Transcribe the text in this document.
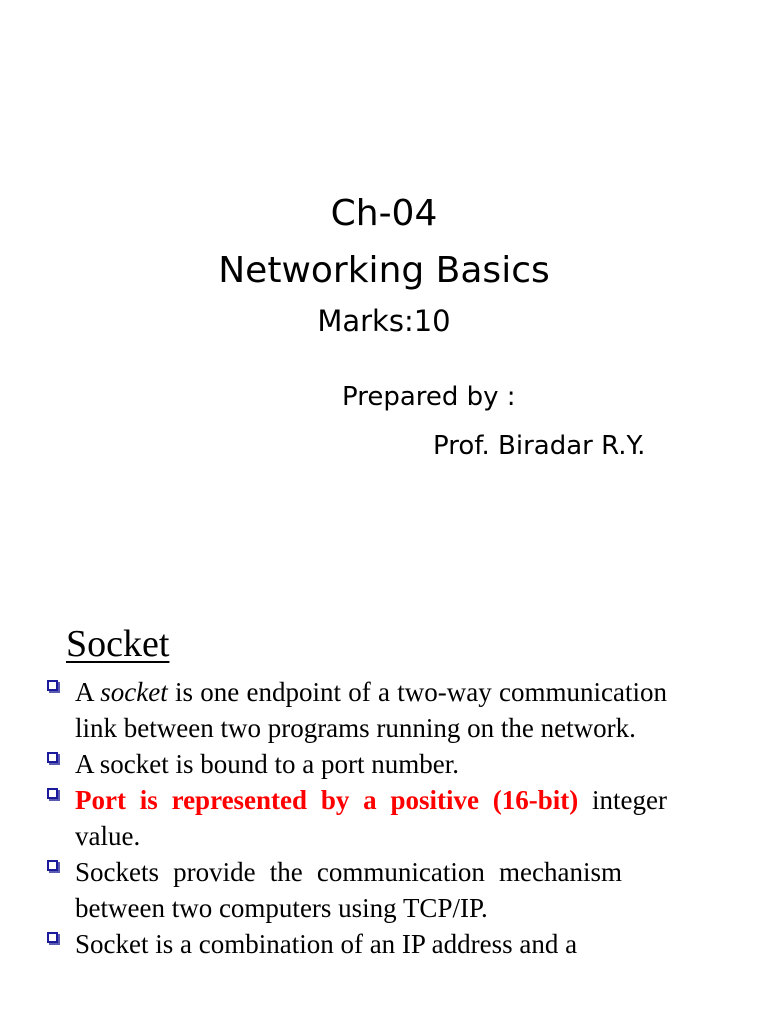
Ch-04
Networking Basics
Marks:10
Prepared by :
Prof. Biradar R.Y.
Socket
A socket is one endpoint of a two-way communication link between two programs running on the network.
A socket is bound to a port number.
Port is represented by a positive (16-bit) integer value.
Sockets provide the communication mechanism between two computers using TCP/IP.
Socket is a combination of an IP address and a
